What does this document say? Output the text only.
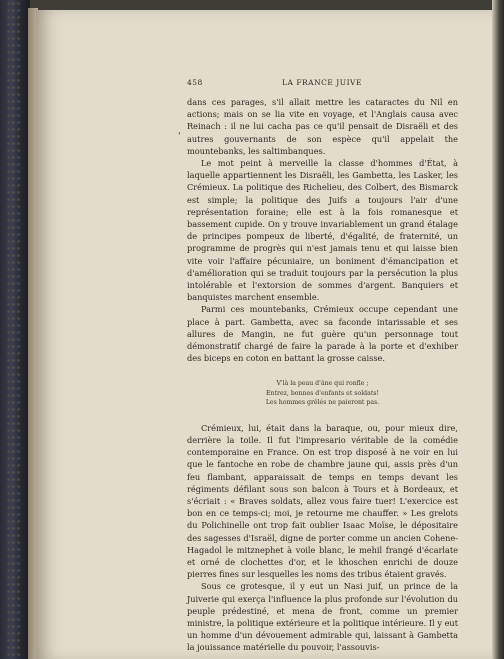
458	LA FRANCE JUIVE
'

dans ces parages, s'il allait mettre les cataractes du Nil en actions; mais on se lia vite en voyage, et l'Anglais causa avec Reinach : il ne lui cacha pas ce qu'il pensait de Disraëli et des autres gouvernants de son espèce qu'il appelait the mountebanks, les saltimbanques.

Le mot peint à merveille la classe d'hommes d'État, à laquelle appartiennent les Disraëli, les Gambetta, les Lasker, les Crémieux. La politique des Richelieu, des Colbert, des Bismarck est simple; la politique des Juifs a toujours l'air d'une représentation foraine; elle est à la fois romanesque et bassement cupide. On y trouve invariablement un grand étalage de principes pompeux de liberté, d'égalité, de fraternité, un programme de progrès qui n'est jamais tenu et qui laisse bien vite voir l'affaire pécuniaire, un boniment d'émancipation et d'amélioration qui se traduit toujours par la persécution la plus intolérable et l'extorsion de sommes d'argent. Banquiers et banquistes marchent ensemble.

Parmi ces mountebanks, Crémieux occupe cependant une place à part. Gambetta, avec sa faconde intarissable et ses allures de Mangin, ne fut guère qu'un personnage tout démonstratif chargé de faire la parade à la porte et d'exhiber des biceps en coton en battant la grosse caisse.

V'là la peau d'âne qui ronfle ;
Entrez, bonnes d'enfants et soldats!
Les hommes grêlés ne paieront pas.

Crémieux, lui, était dans la baraque, ou, pour mieux dire, derrière la toile. Il fut l'impresario véritable de la comédie contemporaine en France. On est trop disposé à ne voir en lui que le fantoche en robe de chambre jaune qui, assis près d'un feu flambant, apparaissait de temps en temps devant les régiments défilant sous son balcon à Tours et à Bordeaux, et s'écriait : « Braves soldats, allez vous faire tuer! L'exercice est bon en ce temps-ci; moi, je retourne me chauffer. » Les grelots du Polichinelle ont trop fait oublier Isaac Moïse, le dépositaire des sagesses d'Israël, digne de porter comme un ancien Cohene-Hagadol le mitznephet à voile blanc, le mehil frangé d'écarlate et orné de clochettes d'or, et le khoschen enrichi de douze pierres fines sur lesquelles les noms des tribus étaient gravés.

Sous ce grotesque, il y eut un Nasi juif, un prince de la Juiverie qui exerça l'influence la plus profonde sur l'évolution du peuple prédestiné, et mena de front, comme un premier ministre, la politique extérieure et la politique intérieure. Il y eut un homme d'un dévouement admirable qui, laissant à Gambetta la jouissance matérielle du pouvoir, l'assouvis-
